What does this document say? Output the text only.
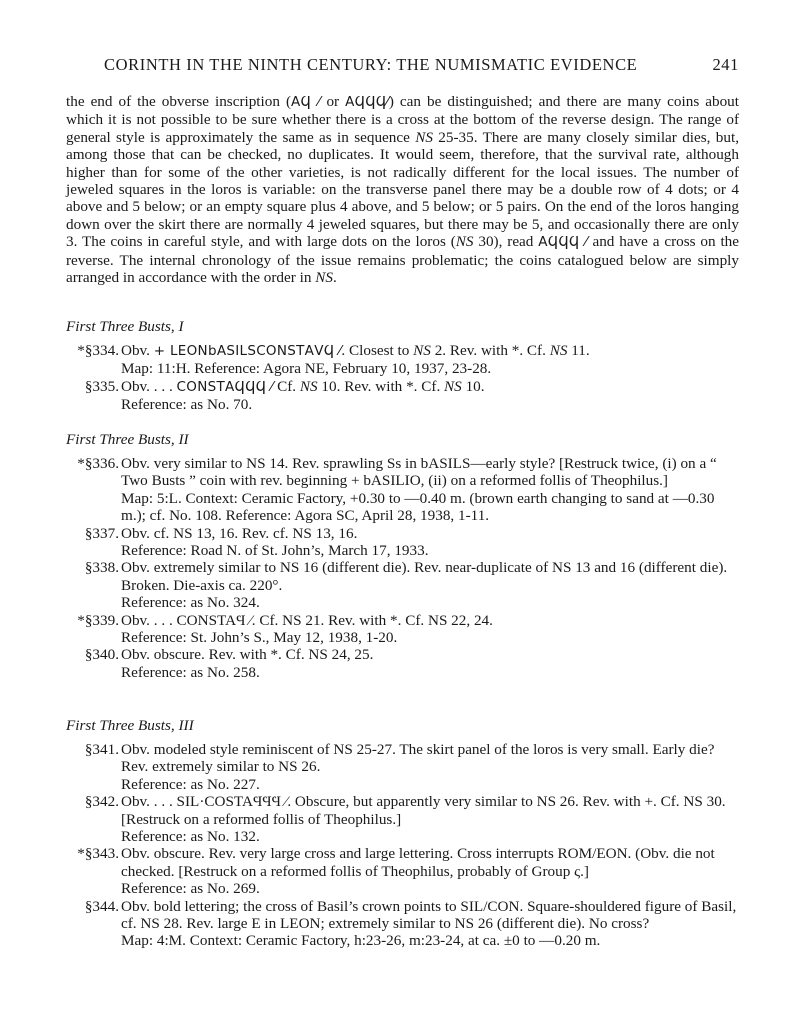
CORINTH IN THE NINTH CENTURY: THE NUMISMATIC EVIDENCE	241
the end of the obverse inscription (ΑϤ ⁄ or ΑϤϤϤ⁄) can be distinguished; and there are many coins about which it is not possible to be sure whether there is a cross at the bottom of the reverse design. The range of general style is approximately the same as in sequence NS 25-35. There are many closely similar dies, but, among those that can be checked, no duplicates. It would seem, therefore, that the survival rate, although higher than for some of the other varieties, is not radically different for the local issues. The number of jeweled squares in the loros is variable: on the transverse panel there may be a double row of 4 dots; or 4 above and 5 below; or an empty square plus 4 above, and 5 below; or 5 pairs. On the end of the loros hanging down over the skirt there are normally 4 jeweled squares, but there may be 5, and occasionally there are only 3. The coins in careful style, and with large dots on the loros (NS 30), read ΑϤϤϤ ⁄ and have a cross on the reverse. The internal chronology of the issue remains problematic; the coins catalogued below are simply arranged in accordance with the order in NS.
First Three Busts, I
*§334. Obv. + LEONbASILSCONSΤΑVϤ ⁄. Closest to NS 2. Rev. with *. Cf. NS 11.

Map: 11:H. Reference: Agora NE, February 10, 1937, 23-28.

§335. Obv. . . . CONSΤΑϤϤϤ ⁄ Cf. NS 10. Rev. with *. Cf. NS 10.

Reference: as No. 70.

First Three Busts, II
*§336. Obv. very similar to NS 14. Rev. sprawling Ss in bASILS—early style? [Restruck twice, (i) on a “ Two Busts ” coin with rev. beginning + bASILIO, (ii) on a reformed follis of Theophilus.]

Map: 5:L. Context: Ceramic Factory, +0.30 to —0.40 m. (brown earth changing to sand at —0.30 m.); cf. No. 108. Reference: Agora SC, April 28, 1938, 1-11.

§337. Obv. cf. NS 13, 16. Rev. cf. NS 13, 16.

Reference: Road N. of St. John’s, March 17, 1933.

§338. Obv. extremely similar to NS 16 (different die). Rev. near-duplicate of NS 13 and 16 (different die). Broken. Die-axis ca. 220°.

Reference: as No. 324.

*§339. Obv. . . . CONSΤΑϤ ⁄. Cf. NS 21. Rev. with *. Cf. NS 22, 24.

Reference: St. John’s S., May 12, 1938, 1-20.

§340. Obv. obscure. Rev. with *. Cf. NS 24, 25.

Reference: as No. 258.

First Three Busts, III
§341. Obv. modeled style reminiscent of NS 25-27. The skirt panel of the loros is very small. Early die? Rev. extremely similar to NS 26.

Reference: as No. 227.

§342. Obv. . . . SIL·COSΤΑϤϤϤ ⁄. Obscure, but apparently very similar to NS 26. Rev. with +. Cf. NS 30. [Restruck on a reformed follis of Theophilus.]

Reference: as No. 132.

*§343. Obv. obscure. Rev. very large cross and large lettering. Cross interrupts ROM/EON. (Obv. die not checked. [Restruck on a reformed follis of Theophilus, probably of Group ς.]

Reference: as No. 269.

§344. Obv. bold lettering; the cross of Basil’s crown points to SIL/CON. Square-shouldered figure of Basil, cf. NS 28. Rev. large E in LEON; extremely similar to NS 26 (different die). No cross?

Map: 4:M. Context: Ceramic Factory, h:23-26, m:23-24, at ca. ±0 to —0.20 m.
